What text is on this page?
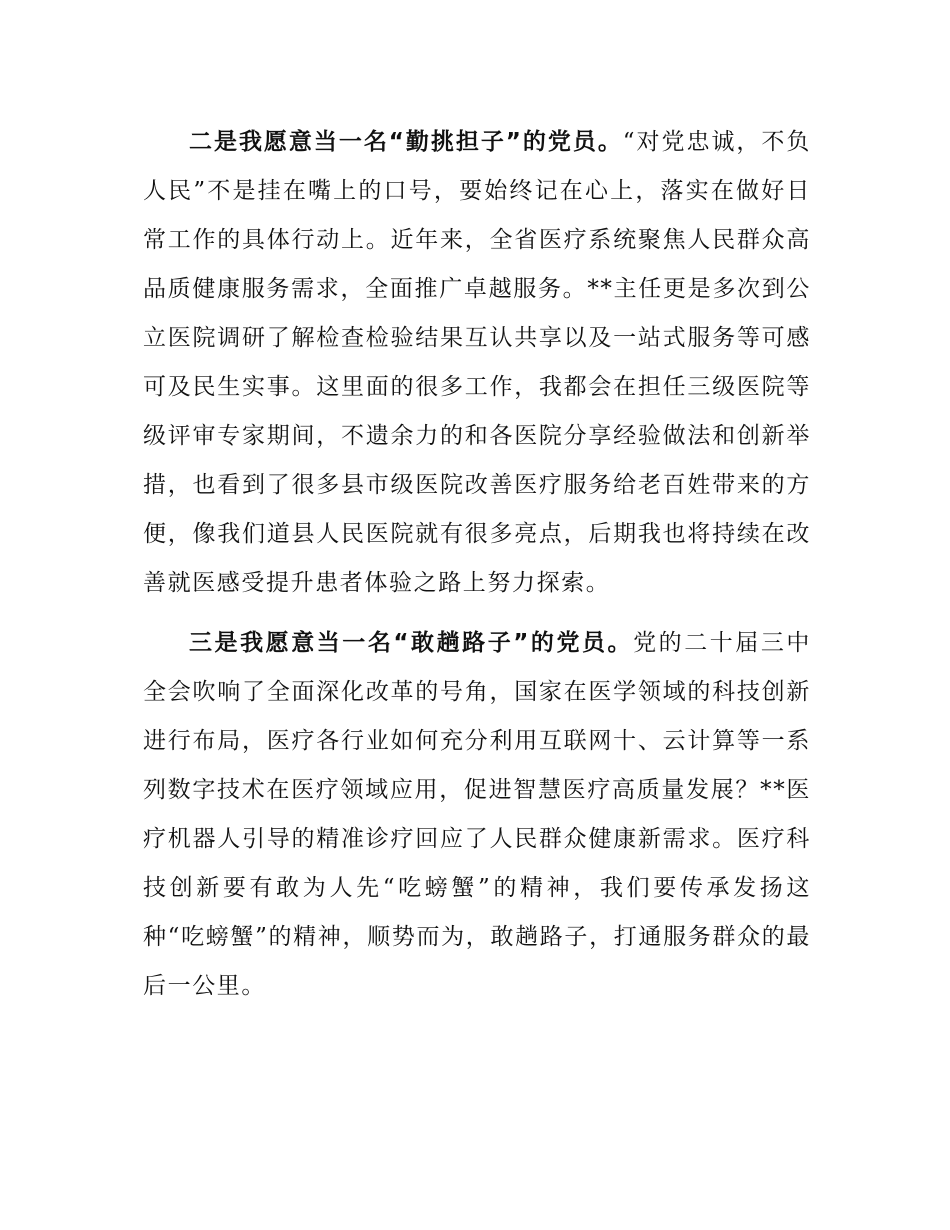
二是我愿意当一名“勤挑担子”的党员。“对党忠诚，不负人民”不是挂在嘴上的口号，要始终记在心上，落实在做好日常工作的具体行动上。近年来，全省医疗系统聚焦人民群众高品质健康服务需求，全面推广卓越服务。**主任更是多次到公立医院调研了解检查检验结果互认共享以及一站式服务等可感可及民生实事。这里面的很多工作，我都会在担任三级医院等级评审专家期间，不遗余力的和各医院分享经验做法和创新举措，也看到了很多县市级医院改善医疗服务给老百姓带来的方便，像我们道县人民医院就有很多亮点，后期我也将持续在改善就医感受提升患者体验之路上努力探索。

三是我愿意当一名“敢趟路子”的党员。党的二十届三中全会吹响了全面深化改革的号角，国家在医学领域的科技创新进行布局，医疗各行业如何充分利用互联网十、云计算等一系列数字技术在医疗领域应用，促进智慧医疗高质量发展？**医疗机器人引导的精准诊疗回应了人民群众健康新需求。医疗科技创新要有敢为人先“吃螃蟹”的精神，我们要传承发扬这种“吃螃蟹”的精神，顺势而为，敢趟路子，打通服务群众的最后一公里。
